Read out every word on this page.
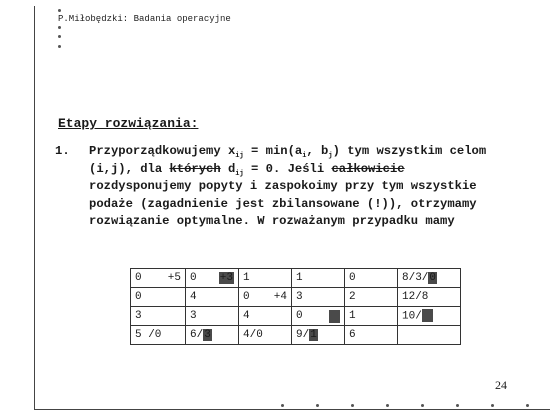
P.Miłobędzki: Badania operacyjne
Etapy rozwiązania:
1. Przyporządkowujemy $x_{ij} = \min(a_i$, $b_j$) tym wszystkim celom
(i,j), dla których $d_{ij} = 0$. Jeśli całkowicie
rozdysponujemy popyty i zaspokoimy przy tym wszystkie
podaże (zagadnienie jest zbilansowane (!)), otrzymamy
rozwiązanie optymalne. W rozważanym przypadku mamy
0 +5	0 +3	1	1	0	8/3/0
0	4	0 +4	3	2	12/8
3	3	4	0	1	10/
5 /0	6/3	4/0	9/1	6	
24
